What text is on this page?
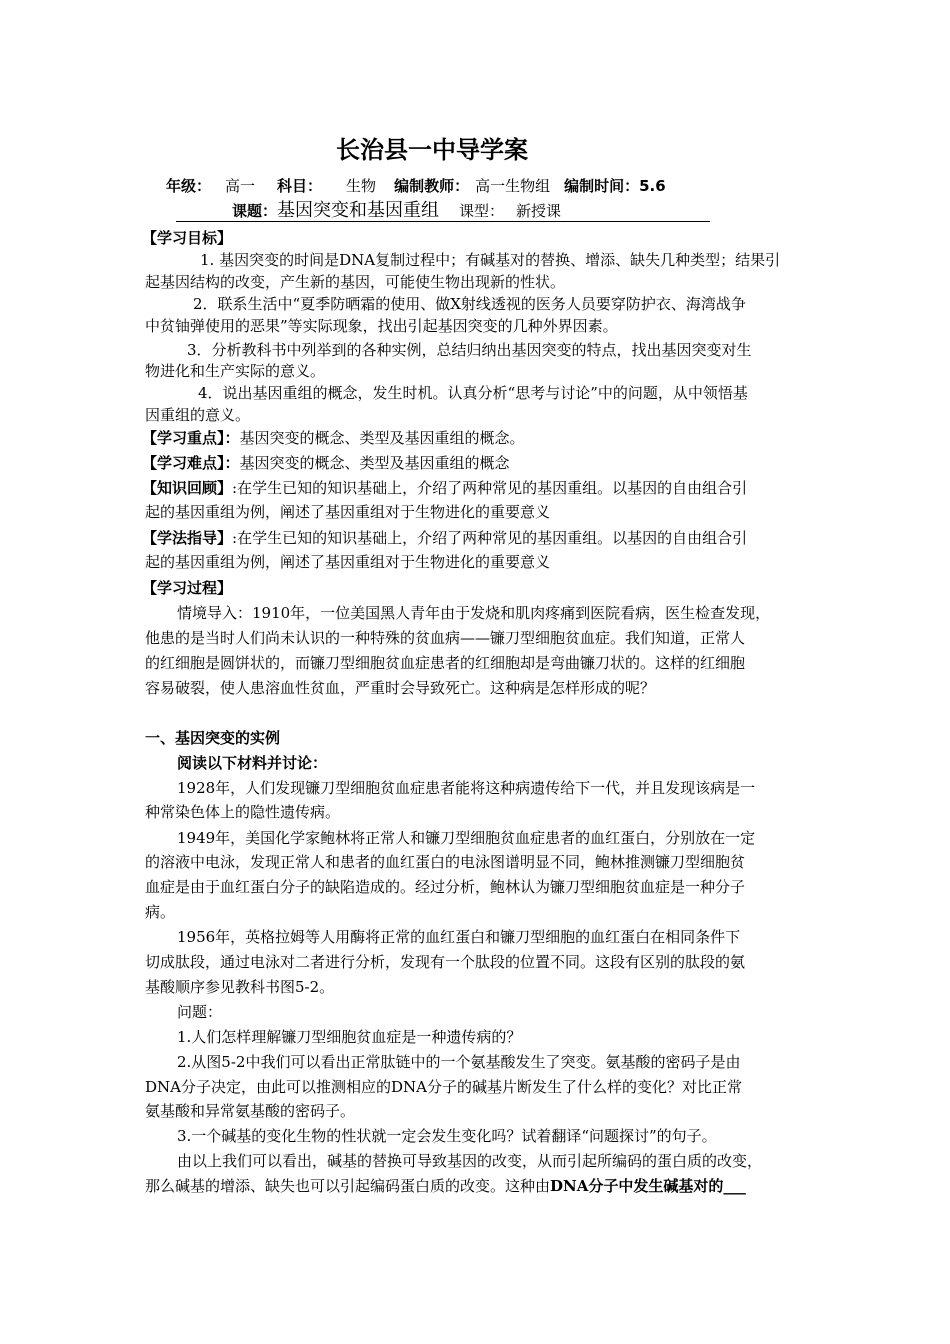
长治县一中导学案
年级： 高一 科目： 生物 编制教师： 高一生物组 编制时间：5.6
课题：基因突变和基因重组 课型： 新授课
【学习目标】
1. 基因突变的时间是DNA复制过程中；有碱基对的替换、增添、缺失几种类型；结果引
起基因结构的改变，产生新的基因，可能使生物出现新的性状。
2．联系生活中“夏季防晒霜的使用、做X射线透视的医务人员要穿防护衣、海湾战争
中贫铀弹使用的恶果”等实际现象，找出引起基因突变的几种外界因素。
3．分析教科书中列举到的各种实例，总结归纳出基因突变的特点，找出基因突变对生
物进化和生产实际的意义。
4．说出基因重组的概念，发生时机。认真分析“思考与讨论”中的问题，从中领悟基
因重组的意义。
【学习重点】：基因突变的概念、类型及基因重组的概念。
【学习难点】：基因突变的概念、类型及基因重组的概念
【知识回顾】:在学生已知的知识基础上，介绍了两种常见的基因重组。以基因的自由组合引
起的基因重组为例，阐述了基因重组对于生物进化的重要意义
【学法指导】:在学生已知的知识基础上，介绍了两种常见的基因重组。以基因的自由组合引
起的基因重组为例，阐述了基因重组对于生物进化的重要意义
【学习过程】
情境导入：1910年，一位美国黑人青年由于发烧和肌肉疼痛到医院看病，医生检查发现，
他患的是当时人们尚未认识的一种特殊的贫血病——镰刀型细胞贫血症。我们知道，正常人
的红细胞是圆饼状的，而镰刀型细胞贫血症患者的红细胞却是弯曲镰刀状的。这样的红细胞
容易破裂，使人患溶血性贫血，严重时会导致死亡。这种病是怎样形成的呢？
一、基因突变的实例
阅读以下材料并讨论：
1928年，人们发现镰刀型细胞贫血症患者能将这种病遗传给下一代，并且发现该病是一
种常染色体上的隐性遗传病。
1949年，美国化学家鲍林将正常人和镰刀型细胞贫血症患者的血红蛋白，分别放在一定
的溶液中电泳，发现正常人和患者的血红蛋白的电泳图谱明显不同，鲍林推测镰刀型细胞贫
血症是由于血红蛋白分子的缺陷造成的。经过分析，鲍林认为镰刀型细胞贫血症是一种分子
病。
1956年，英格拉姆等人用酶将正常的血红蛋白和镰刀型细胞的血红蛋白在相同条件下
切成肽段，通过电泳对二者进行分析，发现有一个肽段的位置不同。这段有区别的肽段的氨
基酸顺序参见教科书图5-2。
问题：
1.人们怎样理解镰刀型细胞贫血症是一种遗传病的？
2.从图5-2中我们可以看出正常肽链中的一个氨基酸发生了突变。氨基酸的密码子是由
DNA分子决定，由此可以推测相应的DNA分子的碱基片断发生了什么样的变化？对比正常
氨基酸和异常氨基酸的密码子。
3.一个碱基的变化生物的性状就一定会发生变化吗？试着翻译“问题探讨”的句子。
由以上我们可以看出，碱基的替换可导致基因的改变，从而引起所编码的蛋白质的改变，
那么碱基的增添、缺失也可以引起编码蛋白质的改变。这种由DNA分子中发生碱基对的___
